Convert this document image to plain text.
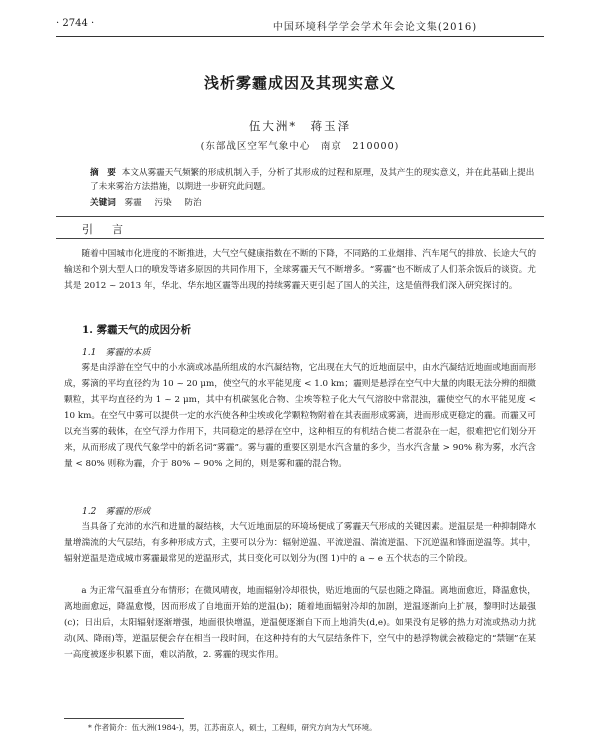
· 2744 ·	中国环境科学学会学术年会论文集(2016)
浅析雾霾成因及其现实意义
伍大洲*　蒋玉泽
(东部战区空军气象中心　南京　210000)
摘　要 本文从雾霾天气频繁的形成机制入手，分析了其形成的过程和原理，及其产生的现实意义，并在此基础上提出了未来雾治方法措施，以期进一步研究此问题。
关键词 雾霾 污染 防治
引　言
随着中国城市化进度的不断推进，大气空气健康指数在不断的下降，不同路的工业烟排、汽车尾气的排放、长途大气的输送和个别大型人口的喷发等诸多原因的共同作用下，全球雾霾天气不断增多。“雾霾”也不断成了人们茶余饭后的谈资。尤其是 2012 ~ 2013 年，华北、华东地区霾等出现的持续雾霾天更引起了国人的关注，这是值得我们深入研究探讨的。
1. 雾霾天气的成因分析
1.1　雾霾的本质
雾是由浮游在空气中的小水滴或冰晶所组成的水汽凝结物，它出现在大气的近地面层中，由水汽凝结近地面或地面而形成，雾滴的平均直径约为 10 ~ 20 μm，使空气的水平能见度 < 1.0 km；霾则是悬浮在空气中大量的肉眼无法分辨的细微颗粒，其平均直径约为 1 ~ 2 μm，其中有机碳氢化合物、尘埃等粒子化大气气溶胶中常混浊，霾使空气的水平能见度 < 10 km。在空气中雾可以提供一定的水汽使各种尘埃或化学颗粒物附着在其表面形成雾滴，进而形成更稳定的霾。而霾又可以充当雾的载体，在空气浮力作用下，共同稳定的悬浮在空中，这种相互的有机结合使二者混杂在一起，很难把它们划分开来，从而形成了现代气象学中的新名词“雾霾”。雾与霾的重要区别是水汽含量的多少，当水汽含量 > 90% 称为雾，水汽含量 < 80% 则称为霾，介于 80% ~ 90% 之间的，则是雾和霾的混合物。
1.2　雾霾的形成
当具备了充沛的水汽和进量的凝结核，大气近地面层的环境场便成了雾霾天气形成的关键因素。逆温层是一种抑制降水量增湍流的大气层结，有多种形成方式，主要可以分为：辐射逆温、平流逆温、湍流逆温、下沉逆温和锋面逆温等。其中，辐射逆温是造成城市雾霾最常见的逆温形式，其日变化可以划分为(图 1)中的 a ~ e 五个状态的三个阶段。
a 为正常气温垂直分布情形；在微风晴夜，地面辐射冷却很快，贴近地面的气层也随之降温。离地面愈近，降温愈快，离地面愈远，降温愈慢，因而形成了自地面开始的逆温(b)；随着地面辐射冷却的加剧，逆温逐渐向上扩展，黎明时达最强(c)；日出后，太阳辐射逐渐增强，地面很快增温，逆温便逐渐自下而上地消失(d,e)。如果没有足够的热力对流或热动力扰动(风、降雨)等，逆温层便会存在相当一段时间，在这种持有的大气层结条件下，空气中的悬浮物就会被稳定的“禁锢”在某一高度被逐步积累下面，难以消散，2. 雾霾的现实作用。
* 作者简介：伍大洲(1984-)，男，江苏南京人，硕士，工程师，研究方向为大气环境。
